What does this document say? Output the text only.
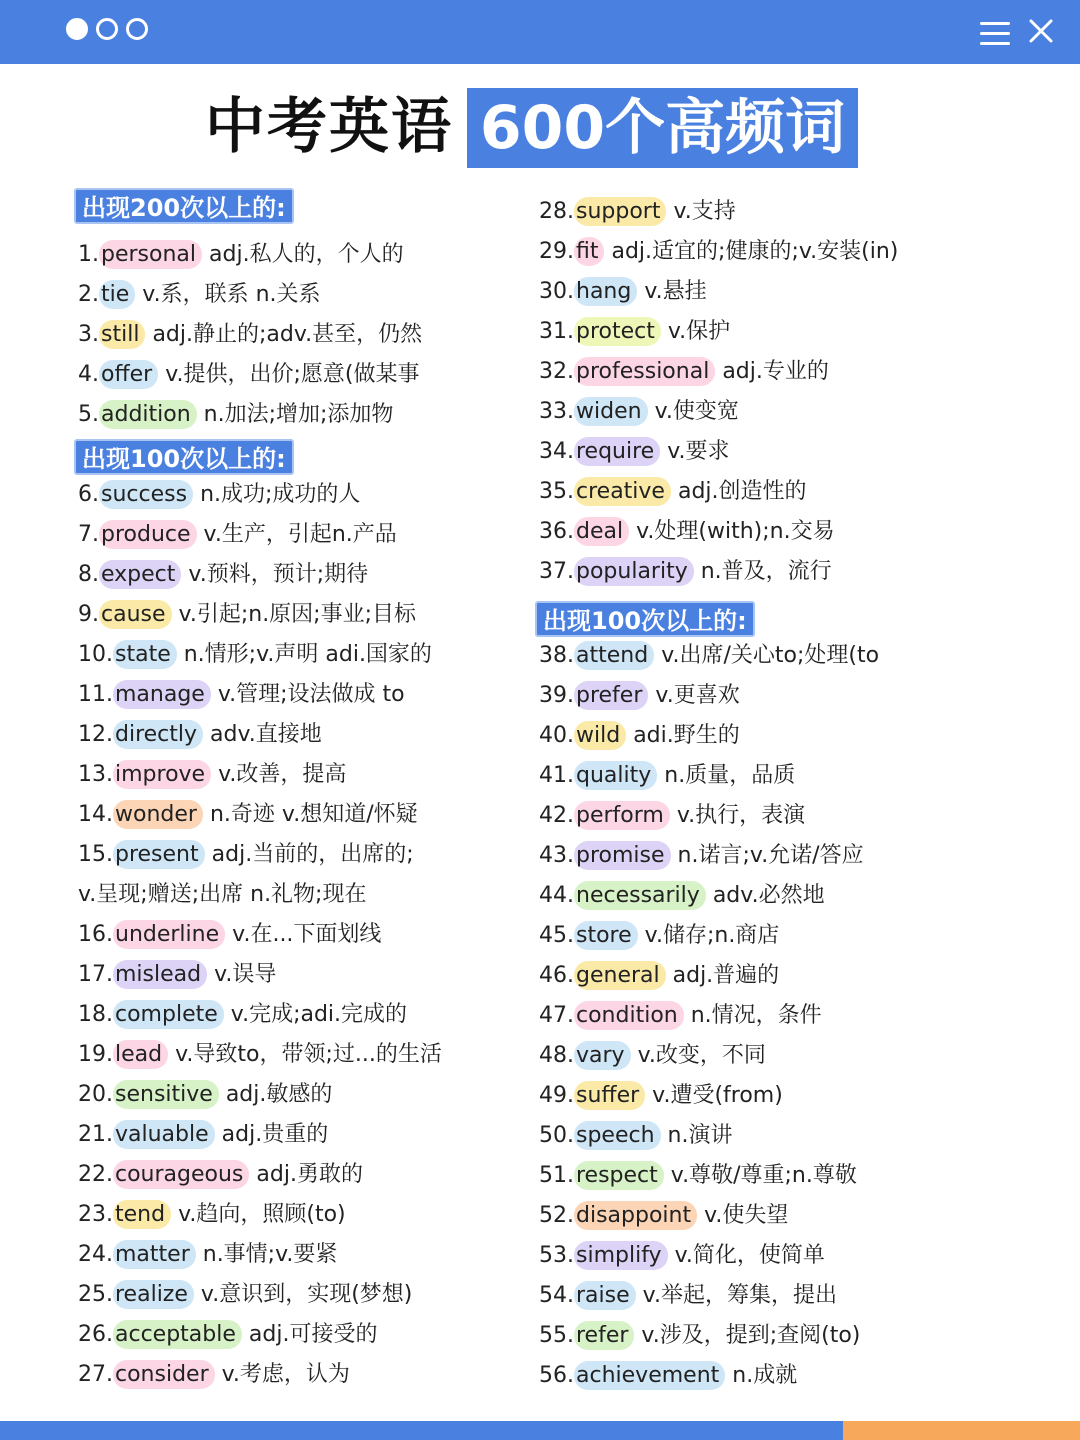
中考英语 600个高频词
出现200次以上的:
出现100次以上的:
出现100次以上的:
1.personal adj.私人的，个人的
2.tie v.系，联系 n.关系
3.still adj.静止的;adv.甚至，仍然
4.offer v.提供，出价;愿意(做某事
5.addition n.加法;增加;添加物
6.success n.成功;成功的人
7.produce v.生产，引起n.产品
8.expect v.预料，预计;期待
9.cause v.引起;n.原因;事业;目标
10.state n.情形;v.声明 adi.国家的
11.manage v.管理;设法做成 to
12.directly adv.直接地
13.improve v.改善，提高
14.wonder n.奇迹 v.想知道/怀疑
15.present adj.当前的，出席的;
v.呈现;赠送;出席 n.礼物;现在
16.underline v.在...下面划线
17.mislead v.误导
18.complete v.完成;adi.完成的
19.lead v.导致to，带领;过...的生活
20.sensitive adj.敏感的
21.valuable adj.贵重的
22.courageous adj.勇敢的
23.tend v.趋向，照顾(to)
24.matter n.事情;v.要紧
25.realize v.意识到，实现(梦想)
26.acceptable adj.可接受的
27.consider v.考虑，认为
28.support v.支持
29.fit adj.适宜的;健康的;v.安装(in)
30.hang v.悬挂
31.protect v.保护
32.professional adj.专业的
33.widen v.使变宽
34.require v.要求
35.creative adj.创造性的
36.deal v.处理(with);n.交易
37.popularity n.普及，流行
38.attend v.出席/关心to;处理(to
39.prefer v.更喜欢
40.wild adi.野生的
41.quality n.质量，品质
42.perform v.执行，表演
43.promise n.诺言;v.允诺/答应
44.necessarily adv.必然地
45.store v.储存;n.商店
46.general adj.普遍的
47.condition n.情况，条件
48.vary v.改变，不同
49.suffer v.遭受(from)
50.speech n.演讲
51.respect v.尊敬/尊重;n.尊敬
52.disappoint v.使失望
53.simplify v.简化，使简单
54.raise v.举起，筹集，提出
55.refer v.涉及，提到;查阅(to)
56.achievement n.成就
